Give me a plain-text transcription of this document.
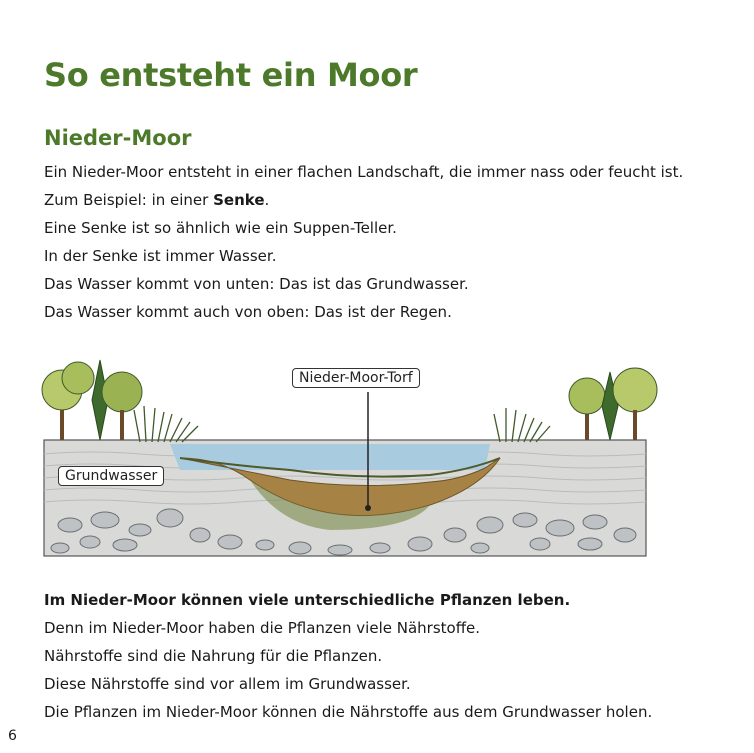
So entsteht ein Moor
Nieder-Moor
Ein Nieder-Moor entsteht in einer flachen Landschaft, die immer nass oder feucht ist.
Zum Beispiel: in einer Senke.
Eine Senke ist so ähnlich wie ein Suppen-Teller.
In der Senke ist immer Wasser.
Das Wasser kommt von unten: Das ist das Grundwasser.
Das Wasser kommt auch von oben: Das ist der Regen.
Nieder-Moor-Torf
Grundwasser
Im Nieder-Moor können viele unterschiedliche Pflanzen leben.
Denn im Nieder-Moor haben die Pflanzen viele Nährstoffe.
Nährstoffe sind die Nahrung für die Pflanzen.
Diese Nährstoffe sind vor allem im Grundwasser.
Die Pflanzen im Nieder-Moor können die Nährstoffe aus dem Grundwasser holen.
6
